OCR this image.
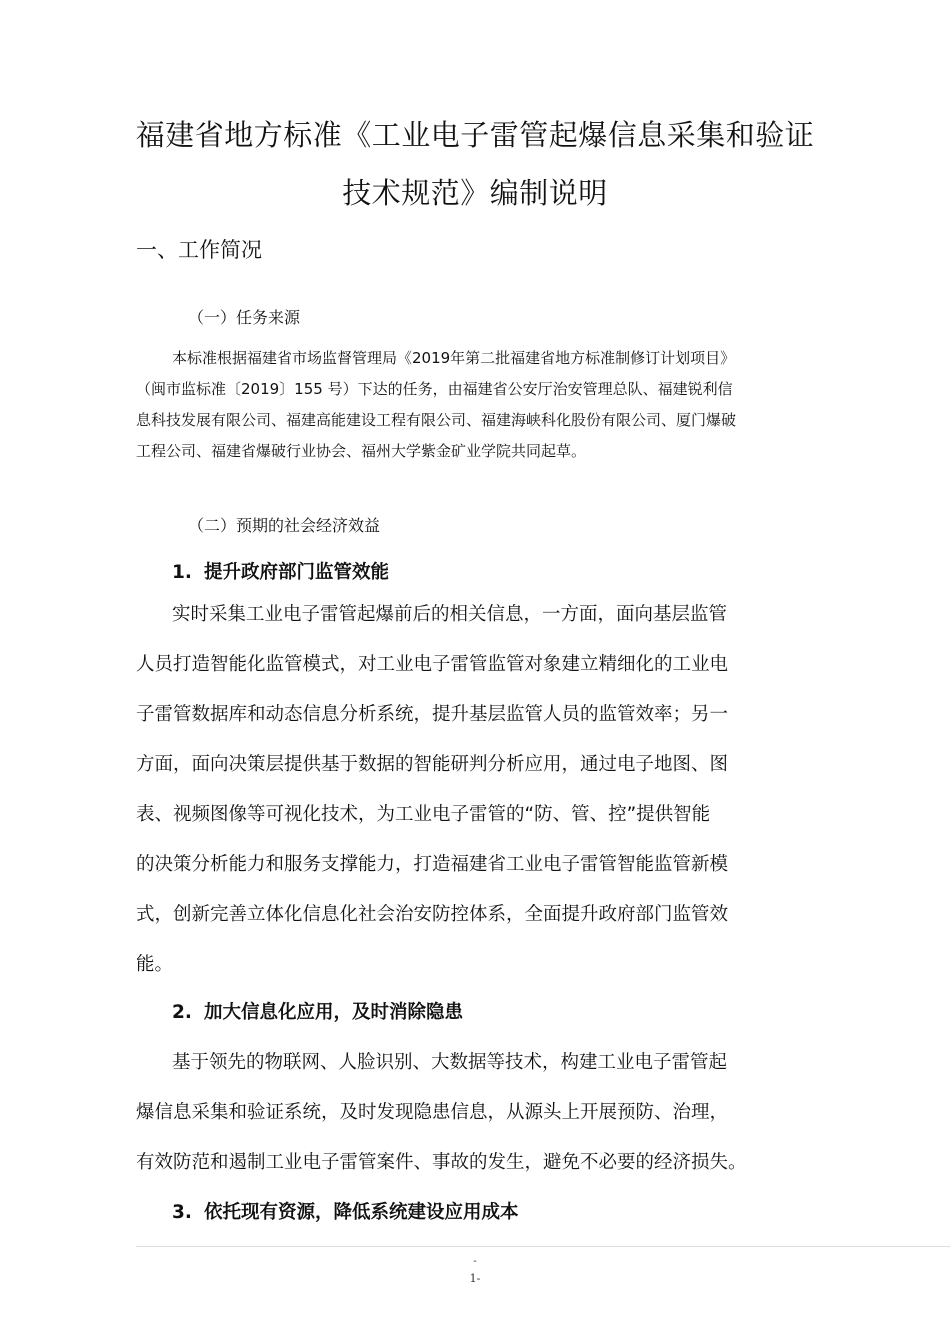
福建省地方标准《工业电子雷管起爆信息采集和验证
技术规范》编制说明
一、工作简况
（一）任务来源

本标准根据福建省市场监督管理局《2019年第二批福建省地方标准制修订计划项目》
（闽市监标准〔2019〕155 号）下达的任务，由福建省公安厅治安管理总队、福建锐利信
息科技发展有限公司、福建高能建设工程有限公司、福建海峡科化股份有限公司、厦门爆破
工程公司、福建省爆破行业协会、福州大学紫金矿业学院共同起草。

（二）预期的社会经济效益
1. 提升政府部门监管效能

实时采集工业电子雷管起爆前后的相关信息，一方面，面向基层监管
人员打造智能化监管模式，对工业电子雷管监管对象建立精细化的工业电
子雷管数据库和动态信息分析系统，提升基层监管人员的监管效率；另一
方面，面向决策层提供基于数据的智能研判分析应用，通过电子地图、图
表、视频图像等可视化技术，为工业电子雷管的“防、管、控”提供智能
的决策分析能力和服务支撑能力，打造福建省工业电子雷管智能监管新模
式，创新完善立体化信息化社会治安防控体系，全面提升政府部门监管效
能。

2. 加大信息化应用，及时消除隐患

基于领先的物联网、人脸识别、大数据等技术，构建工业电子雷管起
爆信息采集和验证系统，及时发现隐患信息，从源头上开展预防、治理，
有效防范和遏制工业电子雷管案件、事故的发生，避免不必要的经济损失。

3. 依托现有资源，降低系统建设应用成本
-
1-
